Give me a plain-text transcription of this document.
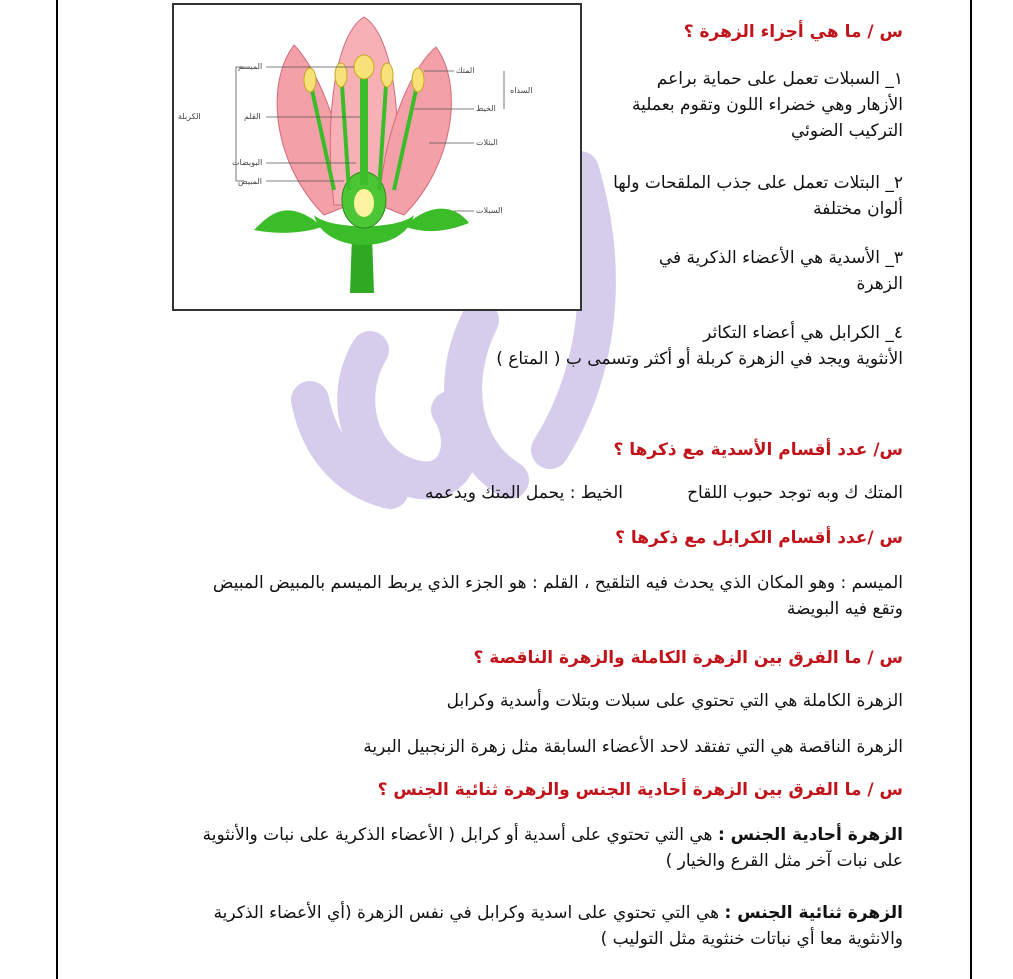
الميسم
القلم
الكربلة
البويضات
المبيض
المتك
الخيط
السداه
البتلات
السبلات
س / ما هي أجزاء الزهرة ؟
١_ السبلات تعمل على حماية براعم الأزهار وهي خضراء اللون وتقوم بعملية التركيب الضوئي
٢_ البتلات تعمل على جذب الملقحات ولها ألوان مختلفة
٣_ الأسدية هي الأعضاء الذكرية في الزهرة
٤_ الكرابل هي أعضاء التكاثر
الأنثوية ويجد في الزهرة كربلة أو أكثر وتسمى ب ( المتاع )
س/ عدد أقسام الأسدية مع ذكرها ؟
المتك ك وبه توجد حبوب اللقاح
الخيط : يحمل المتك ويدعمه
س /عدد أقسام الكرابل مع ذكرها ؟
الميسم : وهو المكان الذي يحدث فيه التلقيح ، القلم : هو الجزء الذي يربط الميسم بالمبيض المبيض وتقع فيه البويضة
س / ما الفرق بين الزهرة الكاملة والزهرة الناقصة ؟
الزهرة الكاملة هي التي تحتوي على سبلات وبتلات وأسدية وكرابل
الزهرة الناقصة هي التي تفتقد لاحد الأعضاء السابقة مثل زهرة الزنجبيل البرية
س / ما الفرق بين الزهرة أحادية الجنس والزهرة ثنائية الجنس ؟
الزهرة أحادية الجنس : هي التي تحتوي على أسدية أو كرابل ( الأعضاء الذكرية على نبات والأنثوية على نبات آخر مثل القرع والخيار )
الزهرة ثنائية الجنس : هي التي تحتوي على اسدية وكرابل في نفس الزهرة (أي الأعضاء الذكرية والانثوية معا أي نباتات خنثوية مثل التوليب )
